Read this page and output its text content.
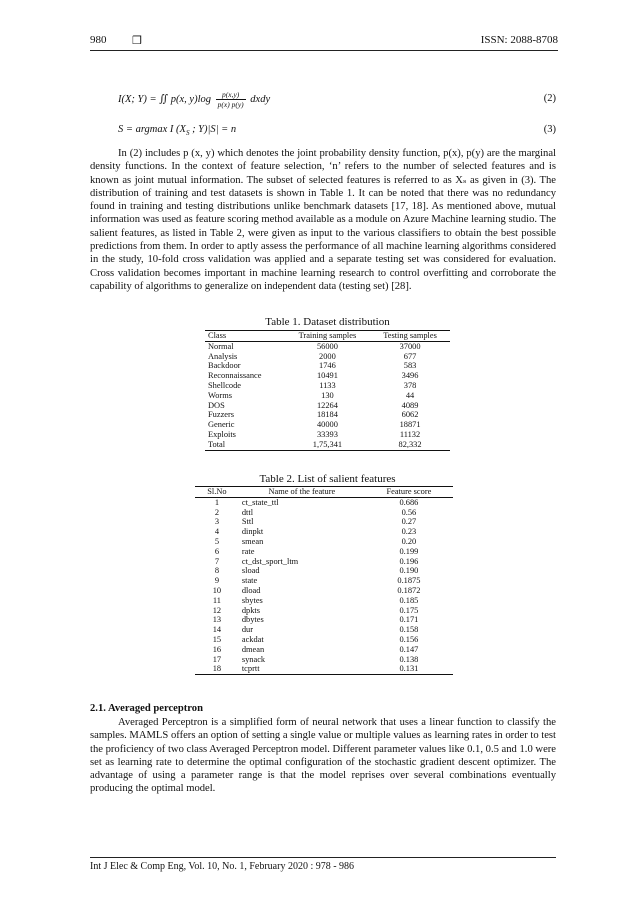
980 ❒	ISSN: 2088-8708
I(X; Y) = ∬ p(x, $y)\log \frac{p(x,y)}{p(x) p(y)}$ dxdy	(2)
S = argmax I ($X_S$ ; Y)|S| = n	(3)

In (2) includes p (x, y) which denotes the joint probability density function, p(x), p(y) are the marginal density functions. In the context of feature selection, ‘n’ refers to the number of selected features and is known as joint mutual information. The subset of selected features is referred to as Xₛ as given in (3). The distribution of training and test datasets is shown in Table 1. It can be noted that there was no redundancy found in training and testing distributions unlike benchmark datasets [17, 18]. As mentioned above, mutual information was used as feature scoring method available as a module on Azure Machine learning studio. The salient features, as listed in Table 2, were given as input to the various classifiers to obtain the best possible predictions from them. In order to aptly assess the performance of all machine learning algorithms considered in the study, 10-fold cross validation was applied and a separate testing set was considered for evaluation. Cross validation becomes important in machine learning research to control overfitting and corroborate the capability of algorithms to generalize on independent data (testing set) [28].

Table 1. Dataset distribution
Class	Training samples	Testing samples
Normal	56000	37000
Analysis	2000	677
Backdoor	1746	583
Reconnaissance	10491	3496
Shellcode	1133	378
Worms	130	44
DOS	12264	4089
Fuzzers	18184	6062
Generic	40000	18871
Exploits	33393	11132
Total	1,75,341	82,332
Table 2. List of salient features
Sl.No	Name of the feature	Feature score
1	ct_state_ttl	0.686
2	dttl	0.56
3	Sttl	0.27
4	dinpkt	0.23
5	smean	0.20
6	rate	0.199
7	ct_dst_sport_ltm	0.196
8	sload	0.190
9	state	0.1875
10	dload	0.1872
11	sbytes	0.185
12	dpkts	0.175
13	dbytes	0.171
14	dur	0.158
15	ackdat	0.156
16	dmean	0.147
17	synack	0.138
18	tcprtt	0.131
2.1. Averaged perceptron

Averaged Perceptron is a simplified form of neural network that uses a linear function to classify the samples. MAMLS offers an option of setting a single value or multiple values as learning rates in order to test the proficiency of two class Averaged Perceptron model. Different parameter values like 0.1, 0.5 and 1.0 were set as learning rate to determine the optimal configuration of the stochastic gradient descent optimizer. The advantage of using a parameter range is that the model reprises over several combinations eventually producing the optimal model.

Int J Elec & Comp Eng, Vol. 10, No. 1, February 2020 : 978 - 986
